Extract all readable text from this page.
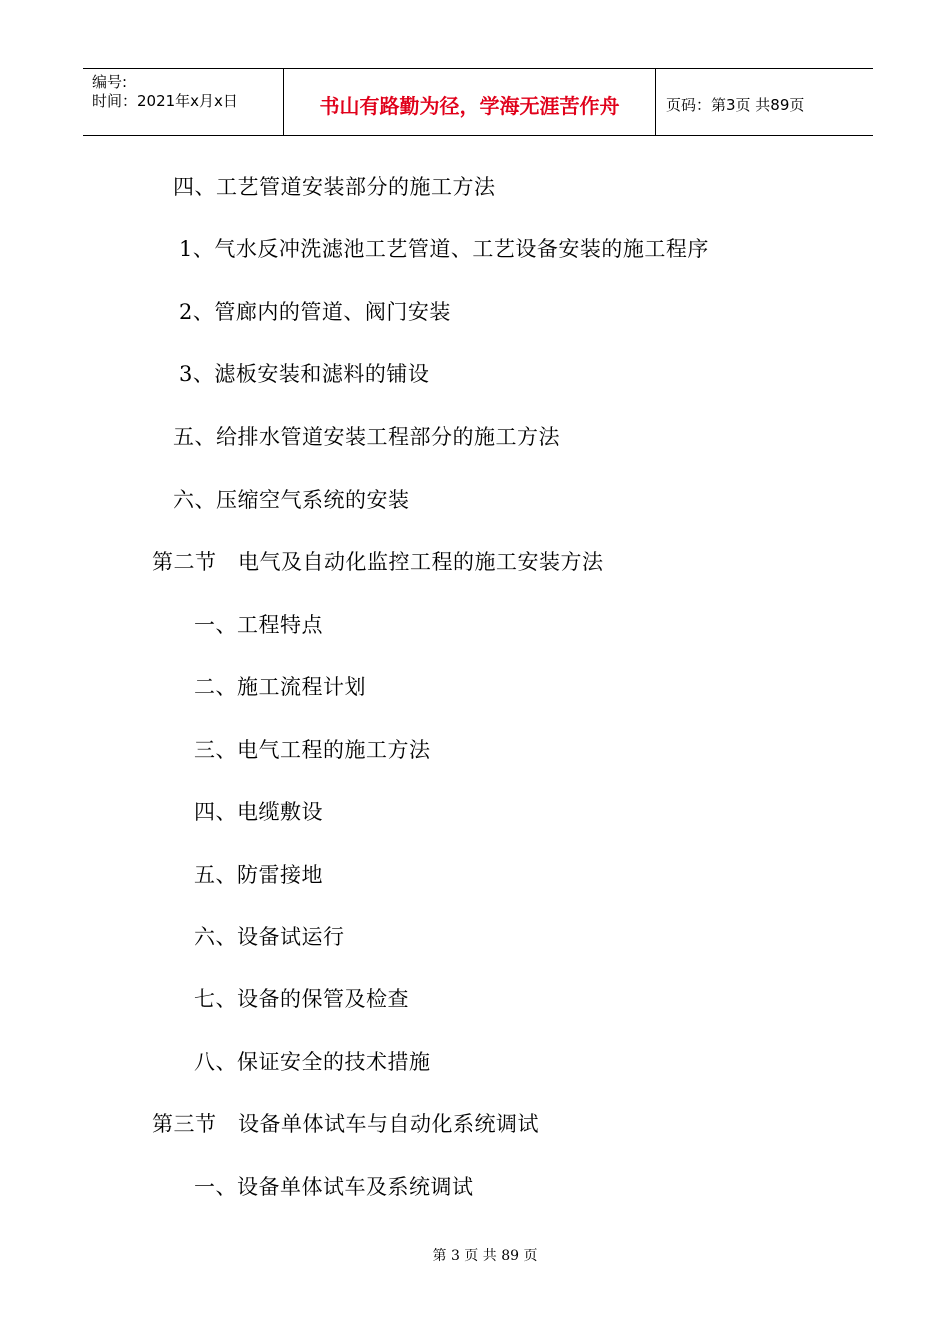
编号:
时间：2021年x月x日	书山有路勤为径，学海无涯苦作舟	页码：第3页 共89页
四、工艺管道安装部分的施工方法
1、气水反冲洗滤池工艺管道、工艺设备安装的施工程序
2、管廊内的管道、阀门安装
3、滤板安装和滤料的铺设
五、给排水管道安装工程部分的施工方法
六、压缩空气系统的安装
第二节　电气及自动化监控工程的施工安装方法
一、工程特点
二、施工流程计划
三、电气工程的施工方法
四、电缆敷设
五、防雷接地
六、设备试运行
七、设备的保管及检查
八、保证安全的技术措施
第三节　设备单体试车与自动化系统调试
一、设备单体试车及系统调试
第 3 页 共 89 页
